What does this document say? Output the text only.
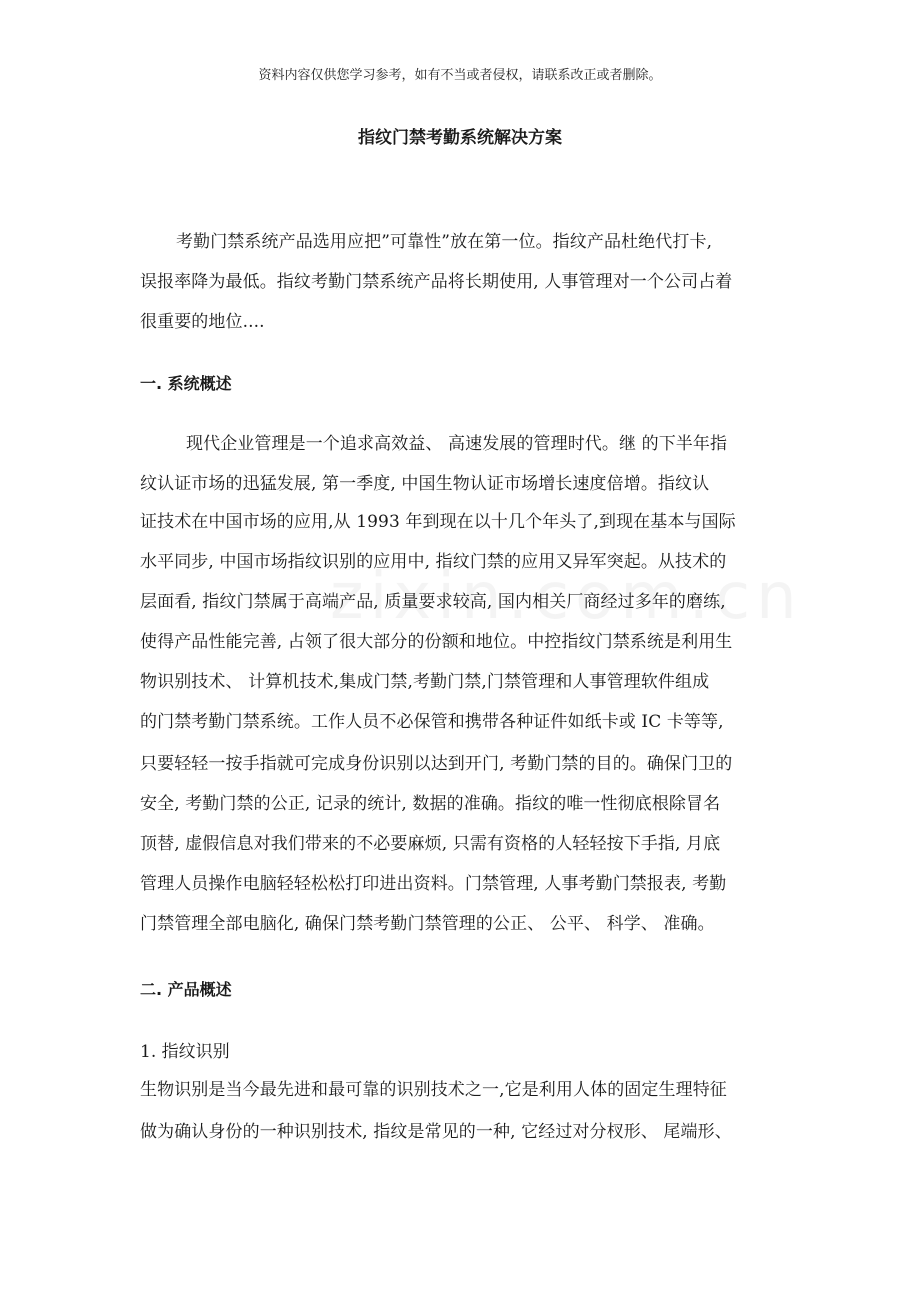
资料内容仅供您学习参考，如有不当或者侵权，请联系改正或者删除。
指纹门禁考勤系统解决方案
考勤门禁系统产品选用应把”可靠性”放在第一位。指纹产品杜绝代打卡,
误报率降为最低。指纹考勤门禁系统产品将长期使用, 人事管理对一个公司占着
很重要的地位....
一. 系统概述
现代企业管理是一个追求高效益、 高速发展的管理时代。继 的下半年指
纹认证市场的迅猛发展, 第一季度, 中国生物认证市场增长速度倍增。指纹认
证技术在中国市场的应用,从 1993 年到现在以十几个年头了,到现在基本与国际
水平同步, 中国市场指纹识别的应用中, 指纹门禁的应用又异军突起。从技术的
层面看, 指纹门禁属于高端产品, 质量要求较高, 国内相关厂商经过多年的磨练,
使得产品性能完善, 占领了很大部分的份额和地位。中控指纹门禁系统是利用生
物识别技术、 计算机技术,集成门禁,考勤门禁,门禁管理和人事管理软件组成
的门禁考勤门禁系统。工作人员不必保管和携带各种证件如纸卡或 IC 卡等等,
只要轻轻一按手指就可完成身份识别以达到开门, 考勤门禁的目的。确保门卫的
安全, 考勤门禁的公正, 记录的统计, 数据的准确。指纹的唯一性彻底根除冒名
顶替, 虚假信息对我们带来的不必要麻烦, 只需有资格的人轻轻按下手指, 月底
管理人员操作电脑轻轻松松打印进出资料。门禁管理, 人事考勤门禁报表, 考勤
门禁管理全部电脑化, 确保门禁考勤门禁管理的公正、 公平、 科学、 准确。
二. 产品概述
1. 指纹识别
生物识别是当今最先进和最可靠的识别技术之一,它是利用人体的固定生理特征
做为确认身份的一种识别技术, 指纹是常见的一种, 它经过对分杈形、 尾端形、
